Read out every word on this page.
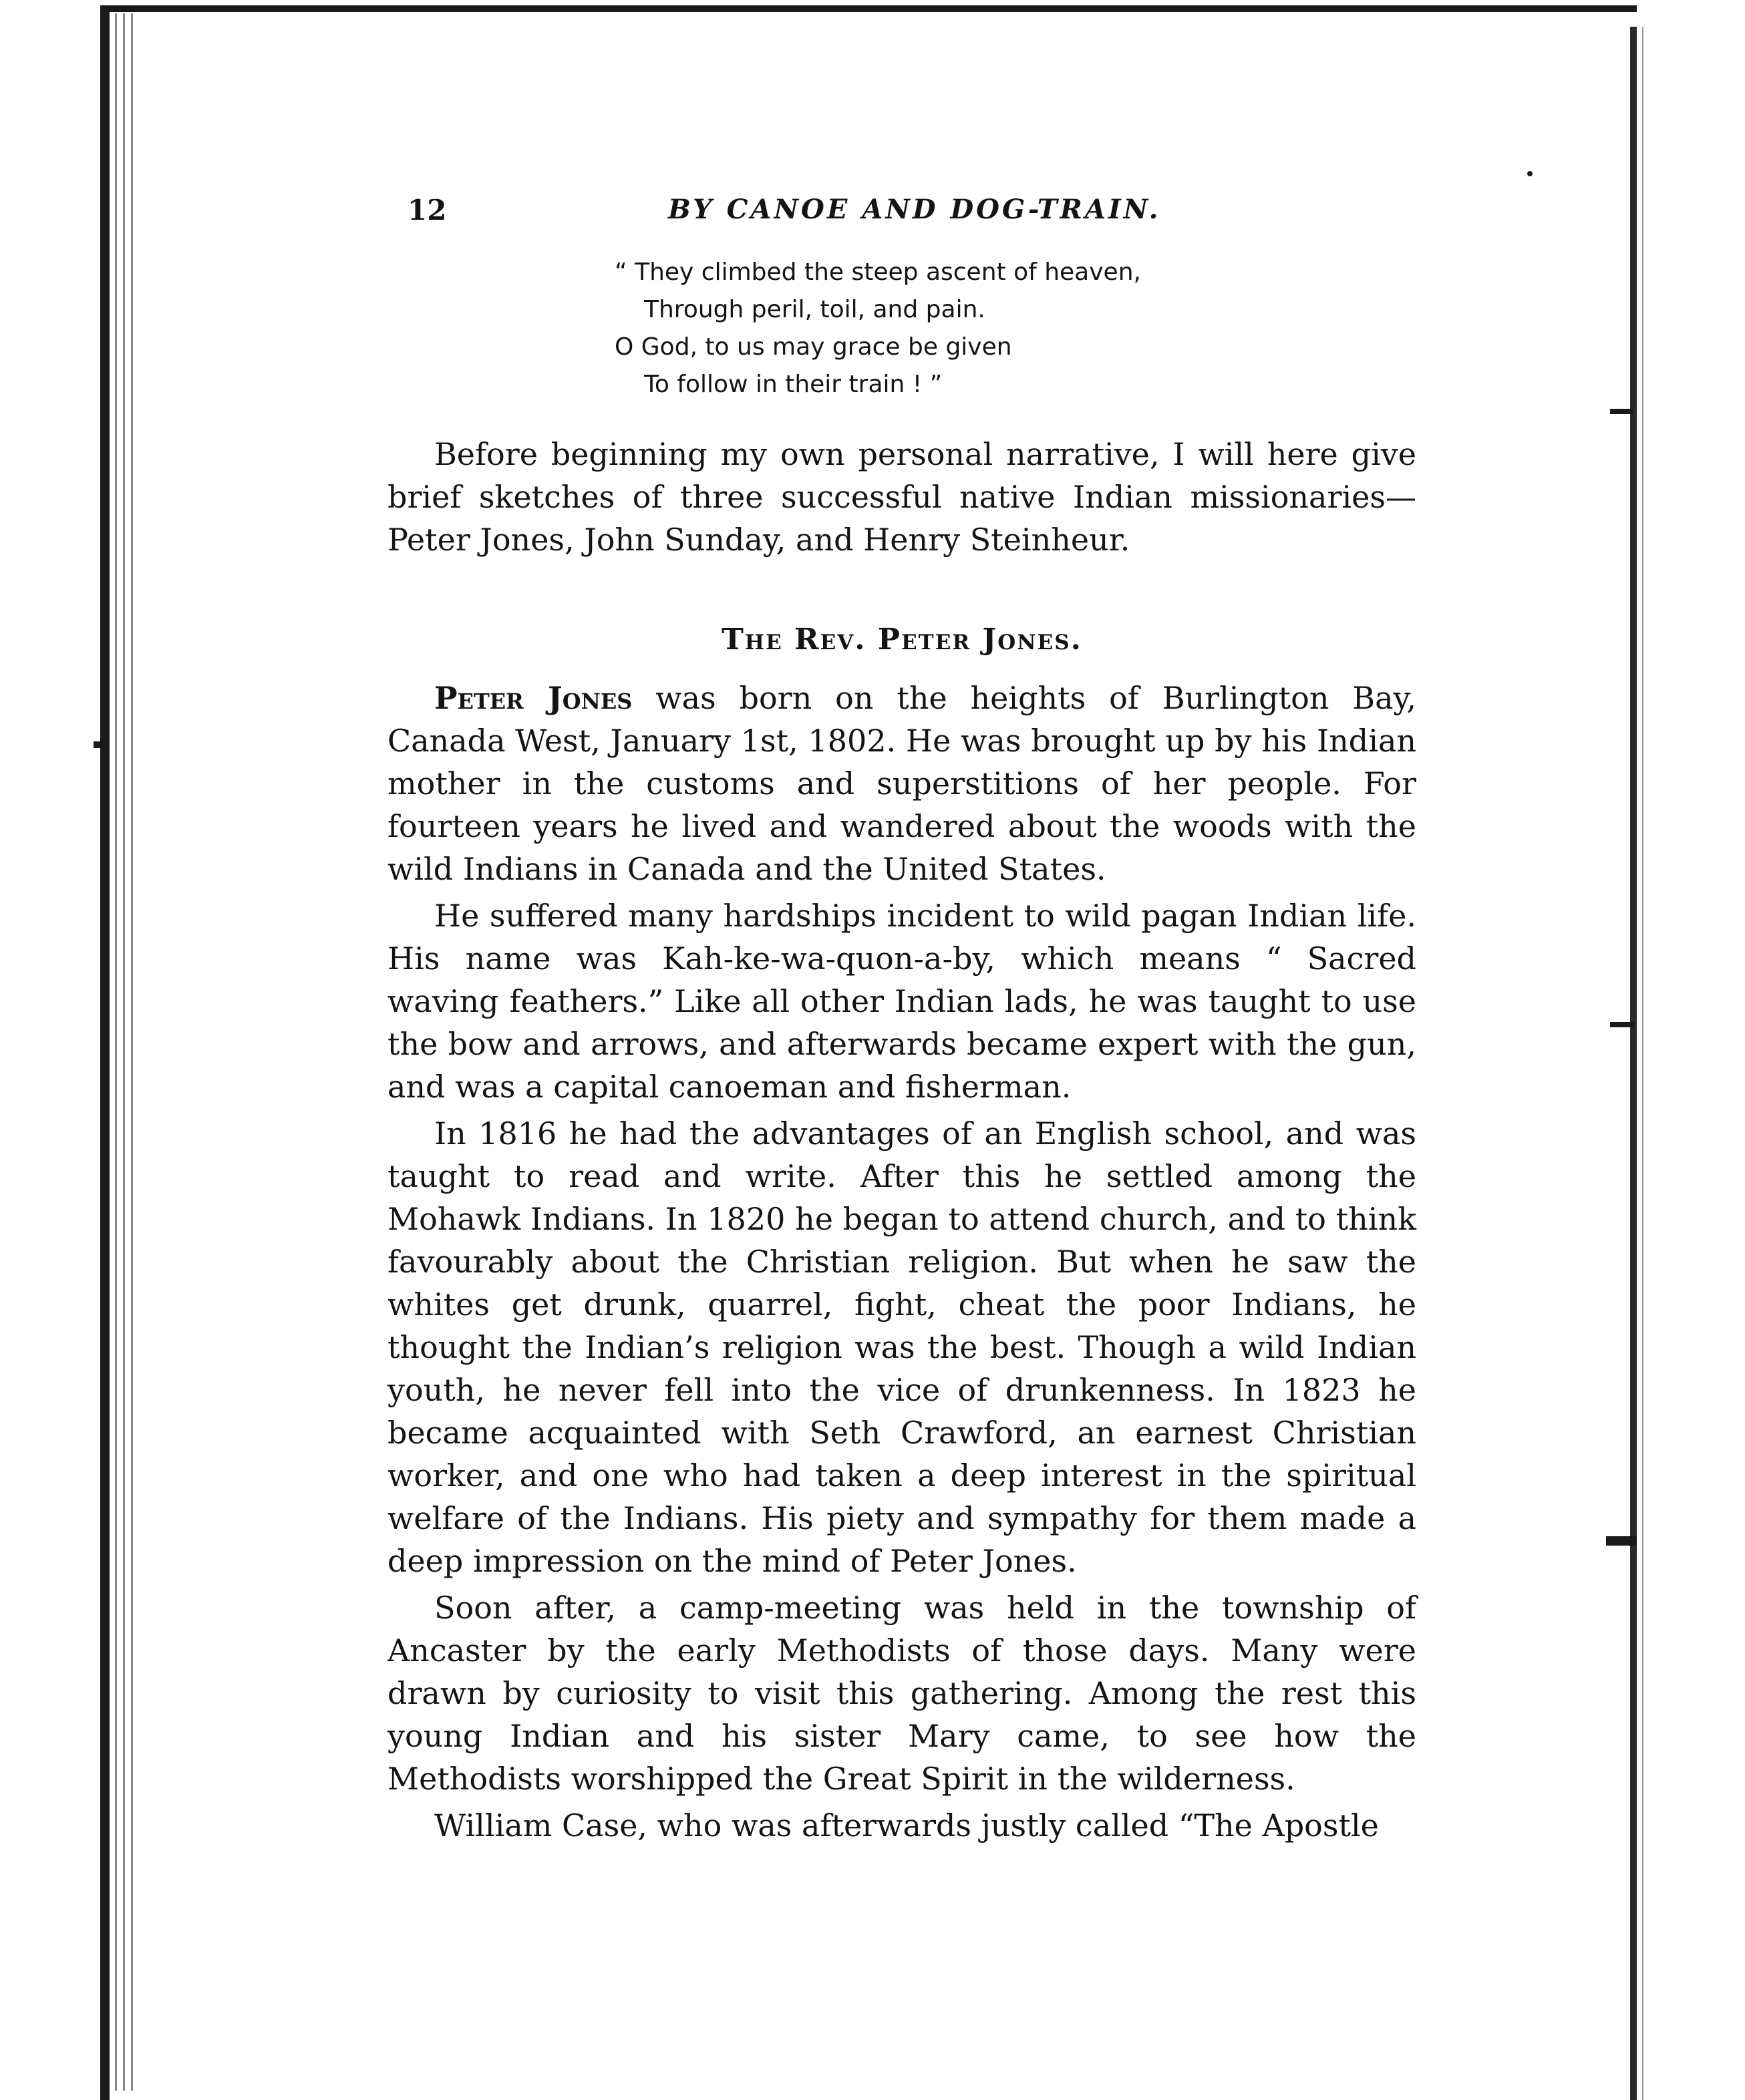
12	BY CANOE AND DOG-TRAIN.
“ They climbed the steep ascent of heaven,
Through peril, toil, and pain.
O God, to us may grace be given
To follow in their train ! ”

Before beginning my own personal narrative, I will here give brief sketches of three successful native Indian missionaries—Peter Jones, John Sunday, and Henry Steinheur.

The Rev. Peter Jones.

Peter Jones was born on the heights of Burlington Bay, Canada West, January 1st, 1802. He was brought up by his Indian mother in the customs and superstitions of her people. For fourteen years he lived and wandered about the woods with the wild Indians in Canada and the United States.

He suffered many hardships incident to wild pagan Indian life. His name was Kah-ke-wa-quon-a-by, which means “ Sacred waving feathers.” Like all other Indian lads, he was taught to use the bow and arrows, and afterwards became expert with the gun, and was a capital canoeman and fisherman.

In 1816 he had the advantages of an English school, and was taught to read and write. After this he settled among the Mohawk Indians. In 1820 he began to attend church, and to think favourably about the Christian religion. But when he saw the whites get drunk, quarrel, fight, cheat the poor Indians, he thought the Indian’s religion was the best. Though a wild Indian youth, he never fell into the vice of drunkenness. In 1823 he became acquainted with Seth Crawford, an earnest Christian worker, and one who had taken a deep interest in the spiritual welfare of the Indians. His piety and sympathy for them made a deep impression on the mind of Peter Jones.

Soon after, a camp-meeting was held in the township of Ancaster by the early Methodists of those days. Many were drawn by curiosity to visit this gathering. Among the rest this young Indian and his sister Mary came, to see how the Methodists worshipped the Great Spirit in the wilderness.

William Case, who was afterwards justly called “The Apostle
